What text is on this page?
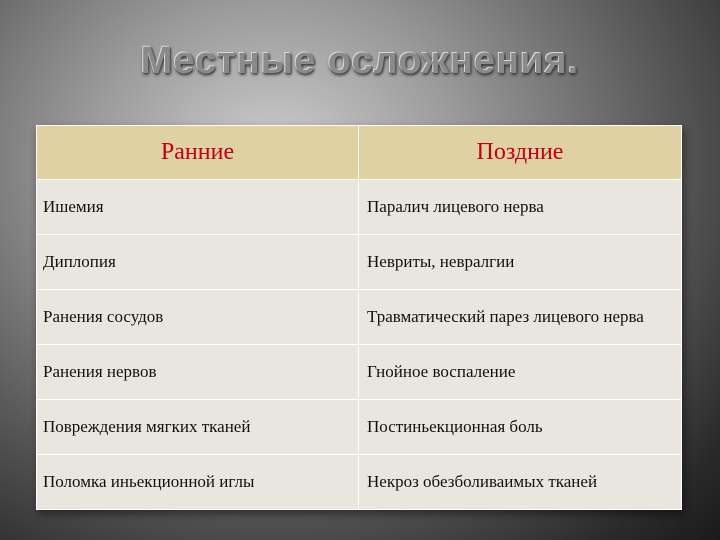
Местные осложнения.
Ранние	Поздние
Ишемия	Паралич лицевого нерва
Диплопия	Невриты, невралгии
Ранения сосудов	Травматический парез лицевого нерва
Ранения нервов	Гнойное воспаление
Повреждения мягких тканей	Постиньекционная боль
Поломка иньекционной иглы	Некроз обезболиваимых тканей
